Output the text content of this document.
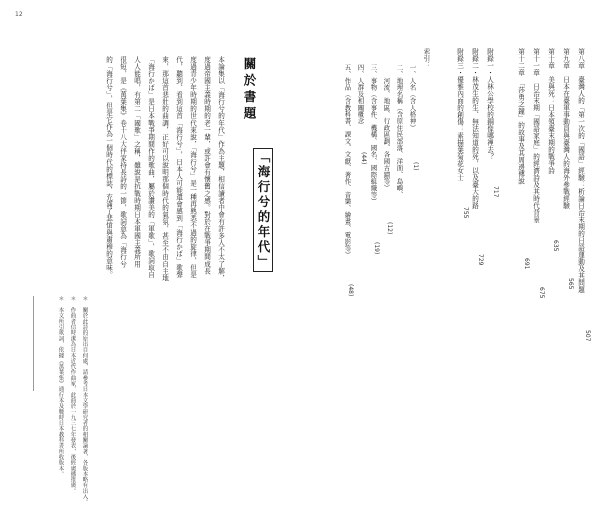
12
第八章　臺灣人的「第一次的「國語」經驗：析論日治末期的日語運動及其問題
第九章　日本在臺軍事動員與臺灣人的海外參戰經驗
第十章　美與死：日本領臺末期的戰爭詩
第十一章　日治末期「國語家庭」的經濟詩及其時代背景
第十二章　「莎勇之鐘」的故事及其周邊傳說
507
565
635
675
691
附錄一・人林公學校的銅像哪裡去？
附錄二・林茂生的生、無法知道的死，以及臺大的路
附錄三・優雅內面的創傷：素描葉菊花女士
717
729
755
索引：
一、人名（含人格神）
二、地理名稱（含原住民部落、洋面、島嶼、
　　河流、地區、行政區劃、各國古蹟等）
三、事物（含事件、機構、國名、國際組織等）
四、人群及相關概念
五、作品（含教科書、課文、文獻、著作、音樂、繪畫、電影等）	(1)
(12)
(19)
(44)
(48)
關於書題
「海行兮的年代」
本論集以「海行兮的年代」作為主題，相信讀者中會有許多人不太了解，
度過帝國主義時期的老一輩，或許會有懷舊之感。對於在戰爭期間成長
度過青少年時期的世代來說，「海行兮」是一種再熟悉不過的旋律，但是
代，聽到、看到這首「海行兮」，日本人可能還會感到「海行かば」歌聲
來，那這首悲壯的曲調，正好可以說明那個時代的氣氛，甚至不由自主地
「海行かば」是日本戰爭期間作的歌曲，屬於讚美的「軍歌」，歌詞取自
人人能唱，有第二「國歌」之稱，雖說是抗戰時期日本軍國主義所用
很短，是《萬葉集》卷十八大伴家持長詩的一節，歌詞意為「海行兮
的「海行兮」，但是它作為一個時代的標誌，充滿了悲愴與肅穆的意味。
＊　關於此詩的原出自何處，請參考日本文學研究者的相關論著，各版本略有出入。
＊　作曲者信時潔為日本近代作曲家，此曲於一九三七年發表，後經廣播推廣。
＊　本文所引歌詞，依據《萬葉集》通行本及戰時日本教科書所收版本。
